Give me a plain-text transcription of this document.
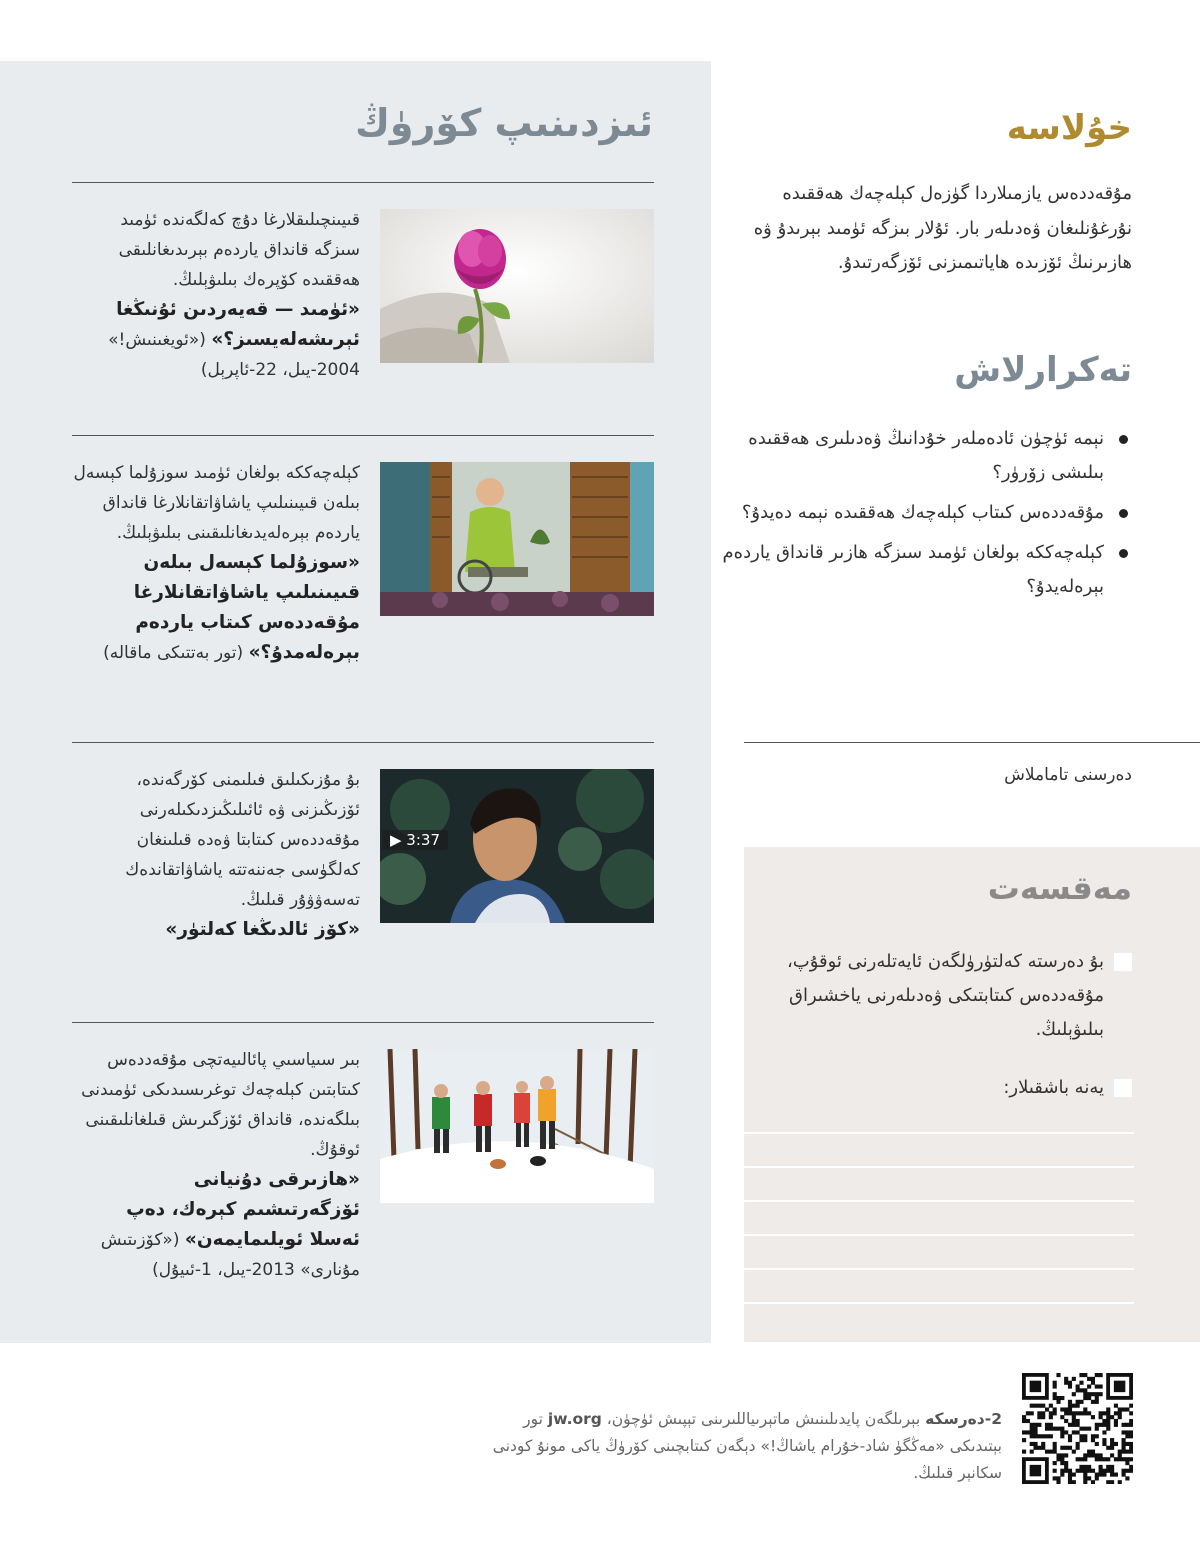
ئىزدىنىپ كۆرۈڭ

قىيىنچىلىقلارغا دۇچ كەلگەندە ئۈمىد سىزگە قانداق ياردەم بېرىدىغانلىقى ھەققىدە كۆپرەك بىلىۋېلىڭ.
«ئۈمىد — قەيەردىن ئۇنىڭغا ئېرىشەلەيسىز؟» («ئويغىنىش!» 2004-يىل، 22-ئاپرېل)

كېلەچەككە بولغان ئۈمىد سوزۇلما كېسەل بىلەن قىيىنىلىپ ياشاۋاتقانلارغا قانداق ياردەم بېرەلەيدىغانلىقىنى بىلىۋېلىڭ.
«سوزۇلما كېسەل بىلەن قىيىنىلىپ ياشاۋاتقانلارغا مۇقەددەس كىتاب ياردەم بېرەلەمدۇ؟» (تور بەتتىكى ماقالە)

▶ 3:37

بۇ مۇزىكىلىق فىلىمنى كۆرگەندە، ئۆزىڭىزنى ۋە ئائىلىڭىزدىكىلەرنى مۇقەددەس كىتابتا ۋەدە قىلىنغان كەلگۈسى جەننەتتە ياشاۋاتقاندەك تەسەۋۋۇر قىلىڭ.
«كۆز ئالدىڭغا كەلتۈر»

بىر سىياسىي پائالىيەتچى مۇقەددەس كىتابتىن كېلەچەك توغرىسىدىكى ئۈمىدنى بىلگەندە، قانداق ئۆزگىرىش قىلغانلىقىنى ئوقۇڭ.
«ھازىرقى دۇنيانى ئۆزگەرتىشىم كېرەك، دەپ ئەسلا ئويلىمايمەن» («كۆزىتىش مۇنارى» 2013-يىل، 1-ئىيۇل)

خۇلاسە

مۇقەددەس يازمىلاردا گۈزەل كېلەچەك ھەققىدە نۇرغۇنلىغان ۋەدىلەر بار. ئۇلار بىزگە ئۈمىد بېرىدۇ ۋە ھازىرنىڭ ئۆزىدە ھاياتىمىزنى ئۆزگەرتىدۇ.

تەكرارلاش
نېمە ئۈچۈن ئادەملەر خۇدانىڭ ۋەدىلىرى ھەققىدە بىلىشى زۆرۈر؟
مۇقەددەس كىتاب كېلەچەك ھەققىدە نېمە دەيدۇ؟
كېلەچەككە بولغان ئۈمىد سىزگە ھازىر قانداق ياردەم بېرەلەيدۇ؟
دەرسنى تاماملاش
مەقسەت
بۇ دەرستە كەلتۈرۈلگەن ئايەتلەرنى ئوقۇپ، مۇقەددەس كىتابتىكى ۋەدىلەرنى ياخشىراق بىلىۋېلىڭ.
يەنە باشقىلار:

2-دەرسكە بېرىلگەن پايدىلىنىش ماتېرىياللىرىنى تېپىش ئۈچۈن، jw.org تور بېتىدىكى «مەڭگۈ شاد-خۇرام ياشاڭ!» دېگەن كىتابچىنى كۆرۈڭ ياكى مونۇ كودنى سكانېر قىلىڭ.
